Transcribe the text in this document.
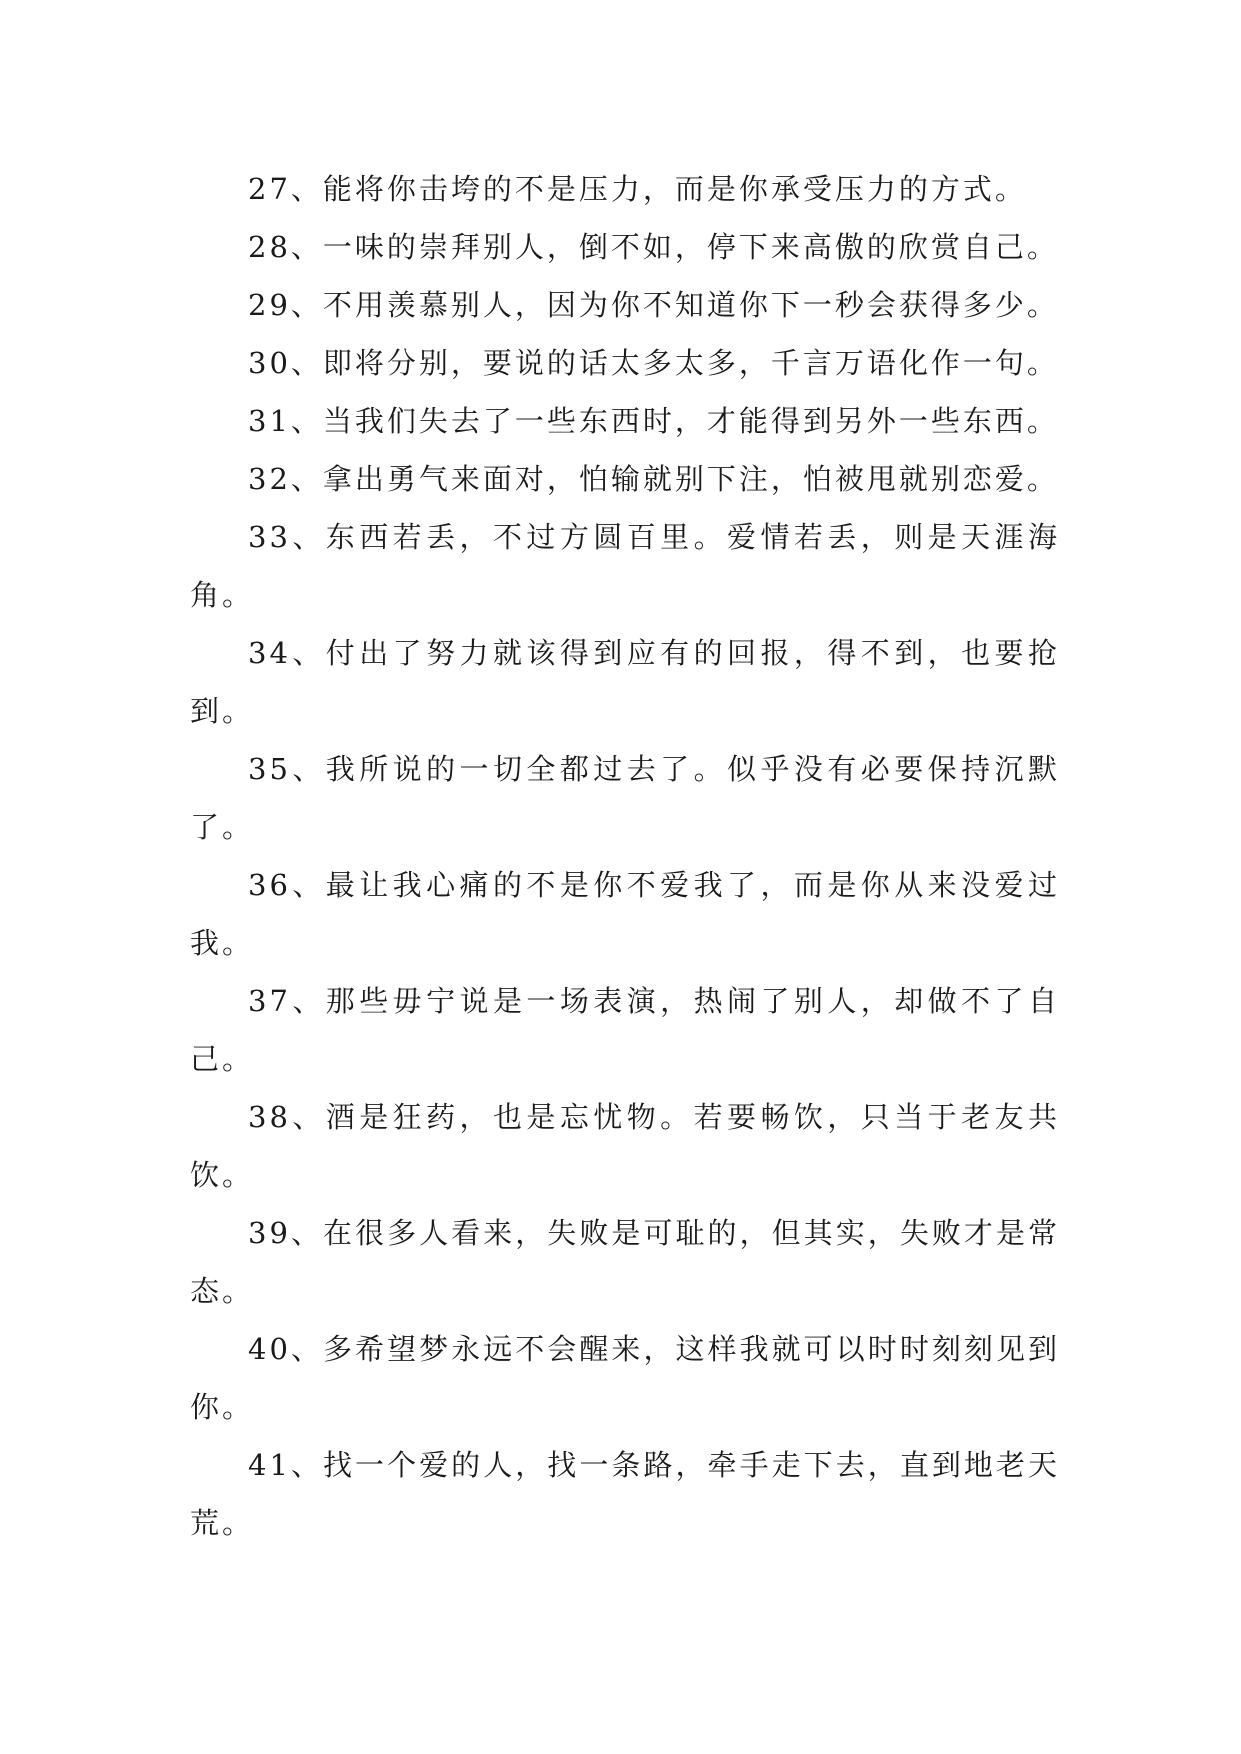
27、能将你击垮的不是压力，而是你承受压力的方式。

28、一味的崇拜别人，倒不如，停下来高傲的欣赏自己。

29、不用羡慕别人，因为你不知道你下一秒会获得多少。

30、即将分别，要说的话太多太多，千言万语化作一句。

31、当我们失去了一些东西时，才能得到另外一些东西。

32、拿出勇气来面对，怕输就别下注，怕被甩就别恋爱。

33、东西若丢，不过方圆百里。爱情若丢，则是天涯海角。

34、付出了努力就该得到应有的回报，得不到，也要抢到。

35、我所说的一切全都过去了。似乎没有必要保持沉默了。

36、最让我心痛的不是你不爱我了，而是你从来没爱过我。

37、那些毋宁说是一场表演，热闹了别人，却做不了自己。

38、酒是狂药，也是忘忧物。若要畅饮，只当于老友共饮。

39、在很多人看来，失败是可耻的，但其实，失败才是常态。

40、多希望梦永远不会醒来，这样我就可以时时刻刻见到你。

41、找一个爱的人，找一条路，牵手走下去，直到地老天荒。
